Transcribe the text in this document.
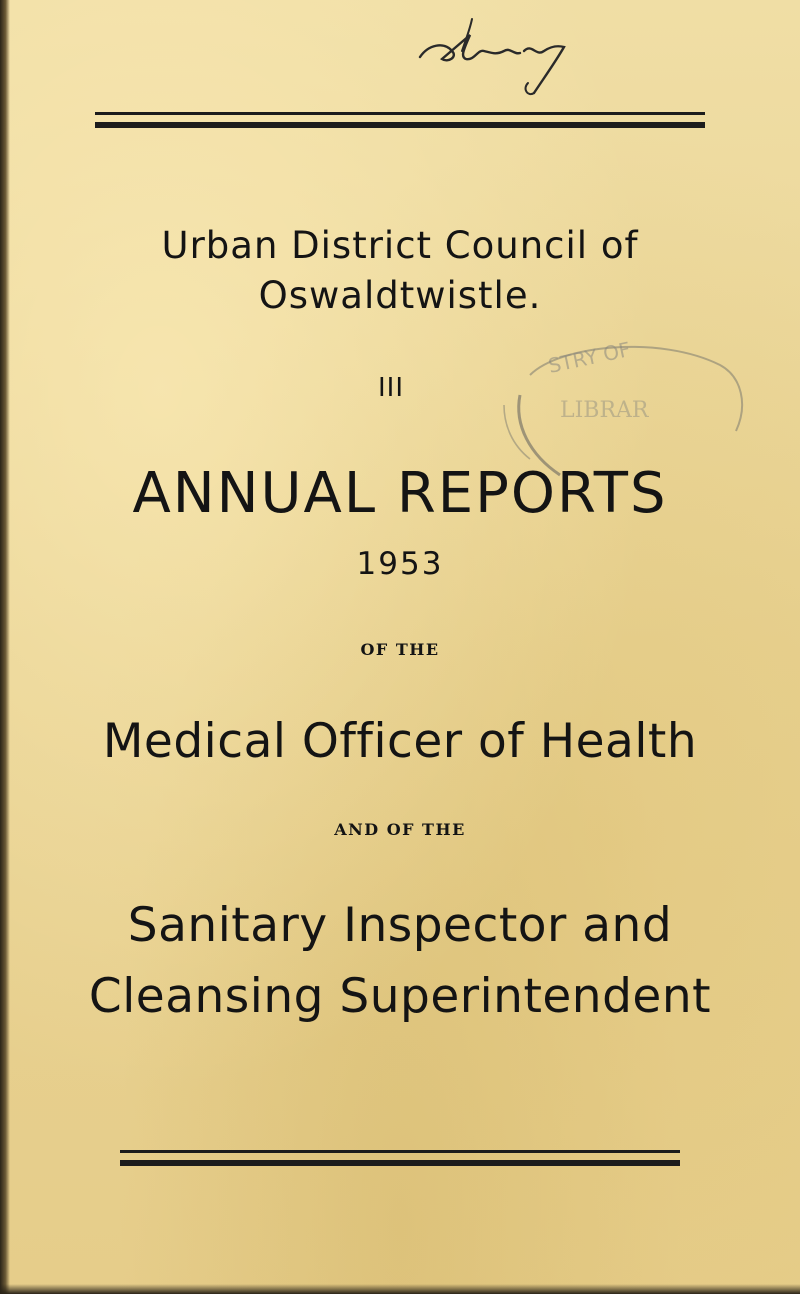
Urban District Council of
Oswaldtwistle.
III
STRY OF
LIBRAR
ANNUAL REPORTS
1953
OF THE
Medical Officer of Health
AND OF THE
Sanitary Inspector and
Cleansing Superintendent
